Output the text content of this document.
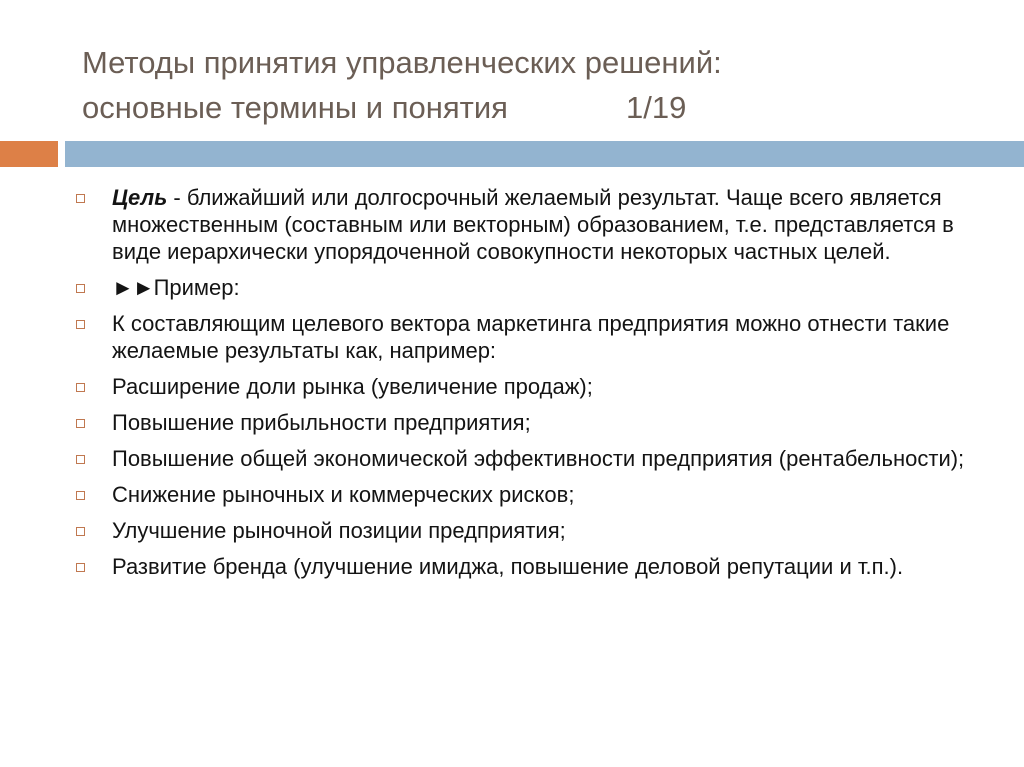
Методы принятия управленческих решений:
основные термины и понятия	1/19
Цель - ближайший или долгосрочный желаемый результат. Чаще всего является множественным (составным или векторным) образованием, т.е. представляется в виде иерархически упорядоченной совокупности некоторых частных целей.
►►Пример:
К составляющим целевого вектора маркетинга предприятия можно отнести такие желаемые результаты как, например:
Расширение доли рынка (увеличение продаж);
Повышение прибыльности предприятия;
Повышение общей экономической эффективности предприятия (рентабельности);
Снижение рыночных и коммерческих рисков;
Улучшение рыночной позиции предприятия;
Развитие бренда (улучшение имиджа, повышение деловой репутации и т.п.).
